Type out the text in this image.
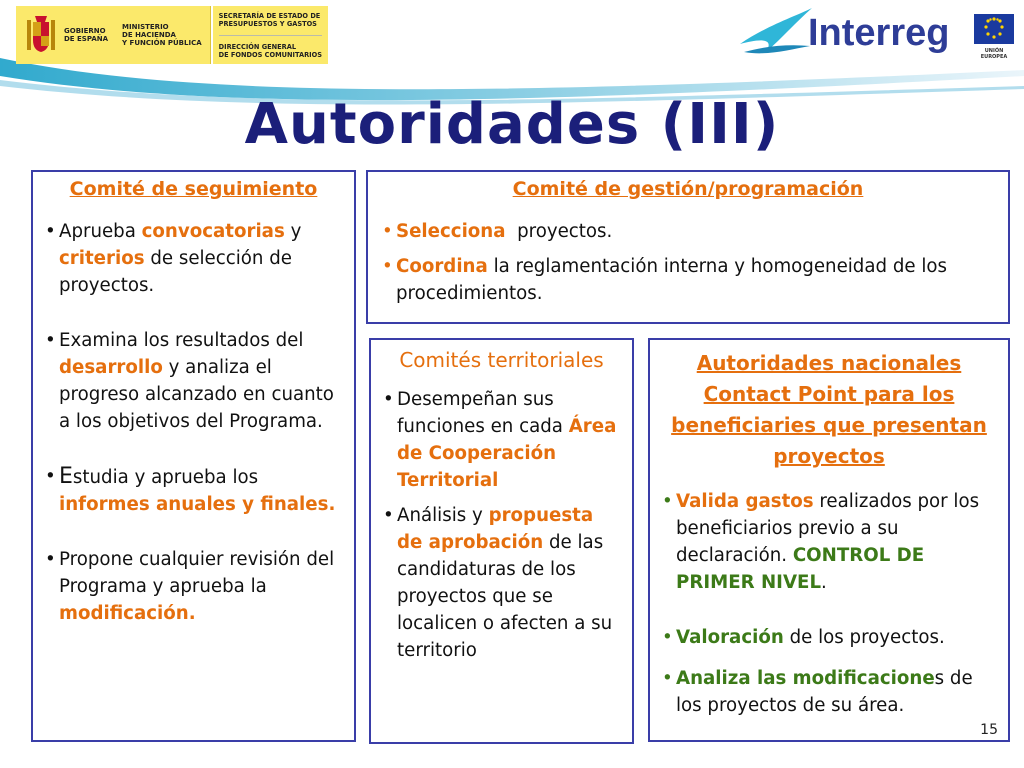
GOBIERNO
DE ESPAÑA
MINISTERIO
DE HACIENDA
Y FUNCIÓN PÚBLICA
SECRETARÍA DE ESTADO DE
PRESUPUESTOS Y GASTOS
DIRECCIÓN GENERAL
DE FONDOS COMUNITARIOS
Interreg	UNIÓN EUROPEA
Autoridades (III)
Comité de seguimiento
• Aprueba convocatorias y criterios de selección de proyectos.
• Examina los resultados del desarrollo y analiza el progreso alcanzado en cuanto a los objetivos del Programa.
• Estudia y aprueba los informes anuales y finales.
• Propone cualquier revisión del Programa y aprueba la modificación.
Comité de gestión/programación
• Selecciona  proyectos.
• Coordina la reglamentación interna y homogeneidad de los procedimientos.
Comités territoriales
• Desempeñan sus funciones en cada Área de Cooperación Territorial
• Análisis y propuesta de aprobación de las candidaturas de los proyectos que se localicen o afecten a su territorio
Autoridades nacionales Contact Point para los beneficiaries que presentan proyectos
• Valida gastos realizados por los beneficiarios previo a su declaración. CONTROL DE PRIMER NIVEL.
• Valoración de los proyectos.
• Analiza las modificaciones de los proyectos de su área.
15
